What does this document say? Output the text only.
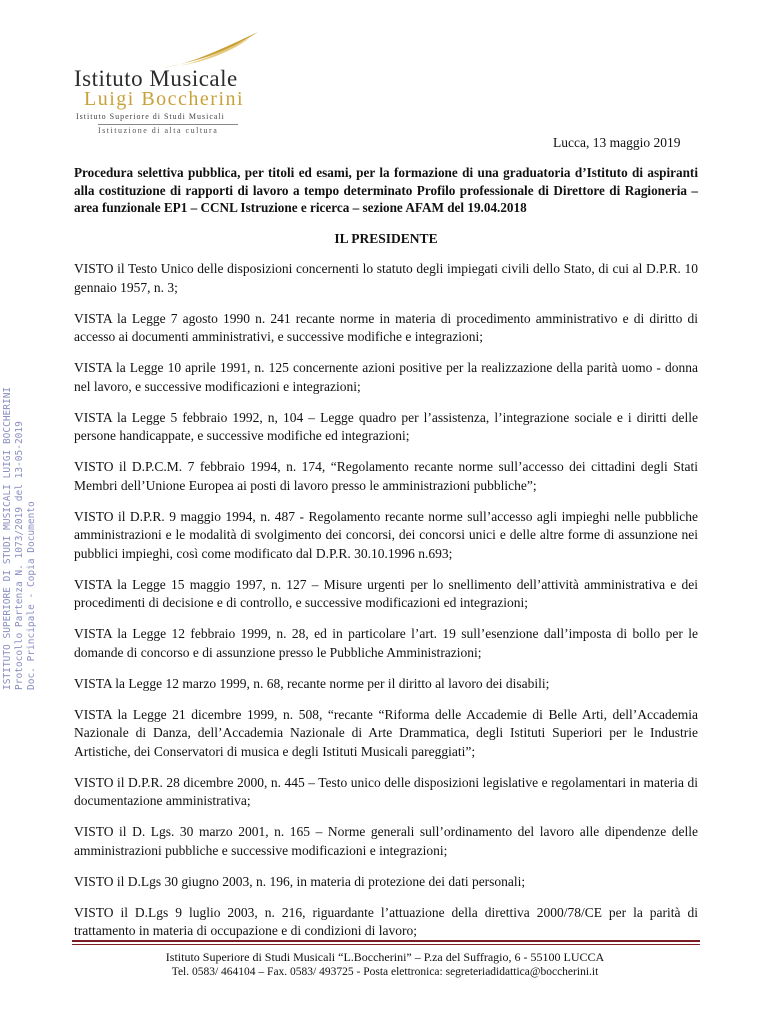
Istituto Musicale
Luigi Boccherini
Istituto Superiore di Studi Musicali
Istituzione di alta cultura
ISTITUTO SUPERIORE DI STUDI MUSICALI LUIGI BOCCHERINI Protocollo Partenza N. 1073/2019 del 13-05-2019 Doc. Principale - Copia Documento
Lucca, 13 maggio 2019
Procedura selettiva pubblica, per titoli ed esami, per la formazione di una graduatoria d’Istituto di aspiranti alla costituzione di rapporti di lavoro a tempo determinato Profilo professionale di Direttore di Ragioneria – area funzionale EP1 – CCNL Istruzione e ricerca – sezione AFAM del 19.04.2018
IL PRESIDENTE

VISTO il Testo Unico delle disposizioni concernenti lo statuto degli impiegati civili dello Stato, di cui al D.P.R. 10 gennaio 1957, n. 3;

VISTA la Legge 7 agosto 1990 n. 241 recante norme in materia di procedimento amministrativo e di diritto di accesso ai documenti amministrativi, e successive modifiche e integrazioni;

VISTA la Legge 10 aprile 1991, n. 125 concernente azioni positive per la realizzazione della parità uomo - donna nel lavoro, e successive modificazioni e integrazioni;

VISTA la Legge 5 febbraio 1992, n, 104 – Legge quadro per l’assistenza, l’integrazione sociale e i diritti delle persone handicappate, e successive modifiche ed integrazioni;

VISTO il D.P.C.M. 7 febbraio 1994, n. 174, “Regolamento recante norme sull’accesso dei cittadini degli Stati Membri dell’Unione Europea ai posti di lavoro presso le amministrazioni pubbliche”;

VISTO il D.P.R. 9 maggio 1994, n. 487 - Regolamento recante norme sull’accesso agli impieghi nelle pubbliche amministrazioni e le modalità di svolgimento dei concorsi, dei concorsi unici e delle altre forme di assunzione nei pubblici impieghi, così come modificato dal D.P.R. 30.10.1996 n.693;

VISTA la Legge 15 maggio 1997, n. 127 – Misure urgenti per lo snellimento dell’attività amministrativa e dei procedimenti di decisione e di controllo, e successive modificazioni ed integrazioni;

VISTA la Legge 12 febbraio 1999, n. 28, ed in particolare l’art. 19 sull’esenzione dall’imposta di bollo per le domande di concorso e di assunzione presso le Pubbliche Amministrazioni;

VISTA la Legge 12 marzo 1999, n. 68, recante norme per il diritto al lavoro dei disabili;

VISTA la Legge 21 dicembre 1999, n. 508, “recante “Riforma delle Accademie di Belle Arti, dell’Accademia Nazionale di Danza, dell’Accademia Nazionale di Arte Drammatica, degli Istituti Superiori per le Industrie Artistiche, dei Conservatori di musica e degli Istituti Musicali pareggiati”;

VISTO il D.P.R. 28 dicembre 2000, n. 445 – Testo unico delle disposizioni legislative e regolamentari in materia di documentazione amministrativa;

VISTO il D. Lgs. 30 marzo 2001, n. 165 – Norme generali sull’ordinamento del lavoro alle dipendenze delle amministrazioni pubbliche e successive modificazioni e integrazioni;

VISTO il D.Lgs 30 giugno 2003, n. 196, in materia di protezione dei dati personali;

VISTO il D.Lgs 9 luglio 2003, n. 216, riguardante l’attuazione della direttiva 2000/78/CE per la parità di trattamento in materia di occupazione e di condizioni di lavoro;

Istituto Superiore di Studi Musicali “L.Boccherini” – P.za del Suffragio, 6 - 55100 LUCCA
Tel. 0583/ 464104 – Fax. 0583/ 493725 - Posta elettronica: segreteriadidattica@boccherini.it
